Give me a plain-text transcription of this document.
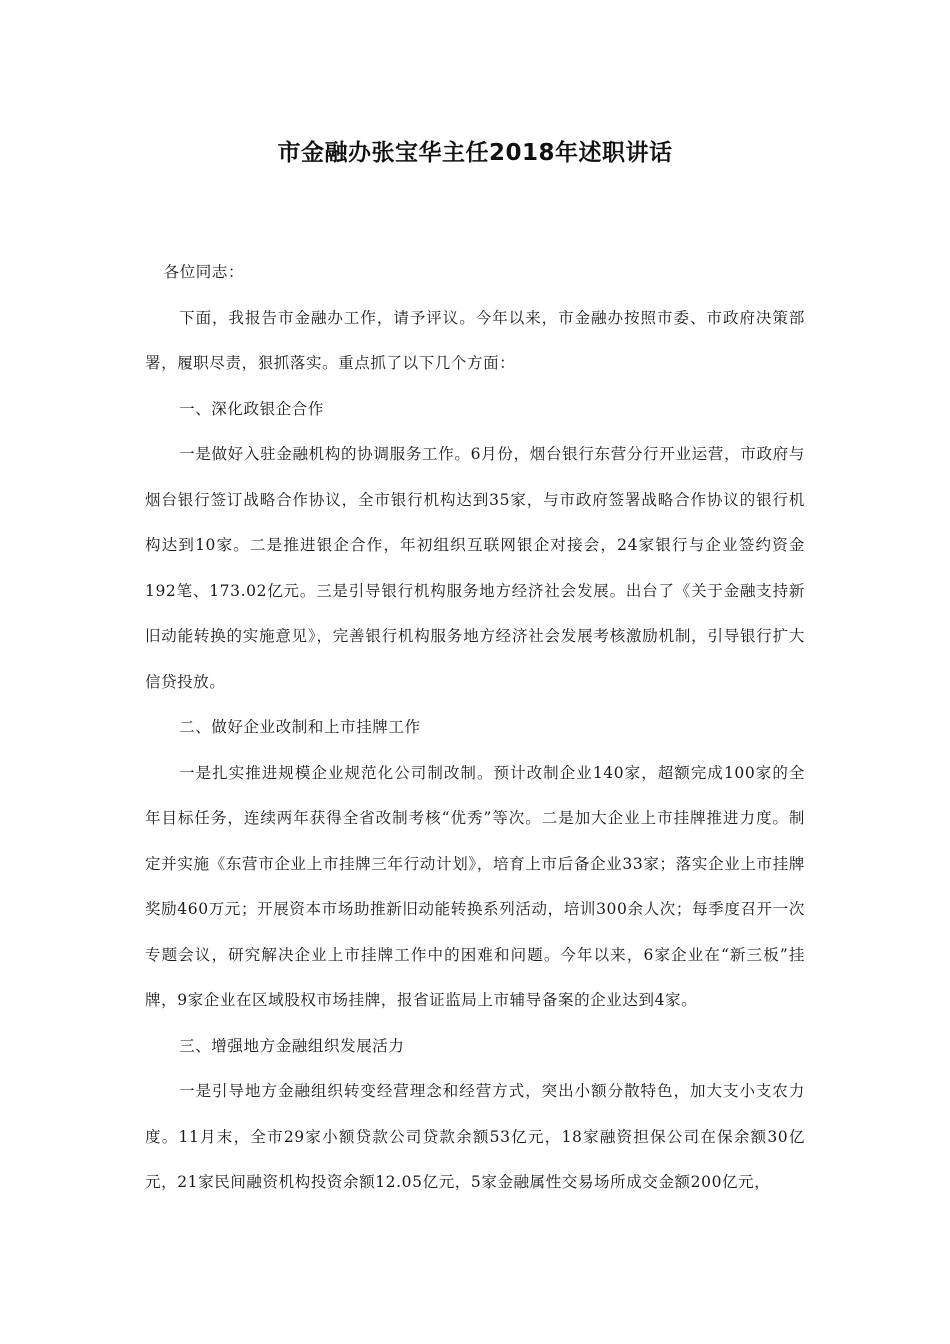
市金融办张宝华主任2018年述职讲话

各位同志：

下面，我报告市金融办工作，请予评议。今年以来，市金融办按照市委、市政府决策部署，履职尽责，狠抓落实。重点抓了以下几个方面：

一、深化政银企合作

一是做好入驻金融机构的协调服务工作。6月份，烟台银行东营分行开业运营，市政府与烟台银行签订战略合作协议，全市银行机构达到35家，与市政府签署战略合作协议的银行机构达到10家。二是推进银企合作，年初组织互联网银企对接会，24家银行与企业签约资金192笔、173.02亿元。三是引导银行机构服务地方经济社会发展。出台了《关于金融支持新旧动能转换的实施意见》，完善银行机构服务地方经济社会发展考核激励机制，引导银行扩大信贷投放。

二、做好企业改制和上市挂牌工作

一是扎实推进规模企业规范化公司制改制。预计改制企业140家，超额完成100家的全年目标任务，连续两年获得全省改制考核“优秀”等次。二是加大企业上市挂牌推进力度。制定并实施《东营市企业上市挂牌三年行动计划》，培育上市后备企业33家；落实企业上市挂牌奖励460万元；开展资本市场助推新旧动能转换系列活动，培训300余人次；每季度召开一次专题会议，研究解决企业上市挂牌工作中的困难和问题。今年以来，6家企业在“新三板”挂牌，9家企业在区域股权市场挂牌，报省证监局上市辅导备案的企业达到4家。

三、增强地方金融组织发展活力

一是引导地方金融组织转变经营理念和经营方式，突出小额分散特色，加大支小支农力度。11月末，全市29家小额贷款公司贷款余额53亿元，18家融资担保公司在保余额30亿元，21家民间融资机构投资余额12.05亿元，5家金融属性交易场所成交金额200亿元，
